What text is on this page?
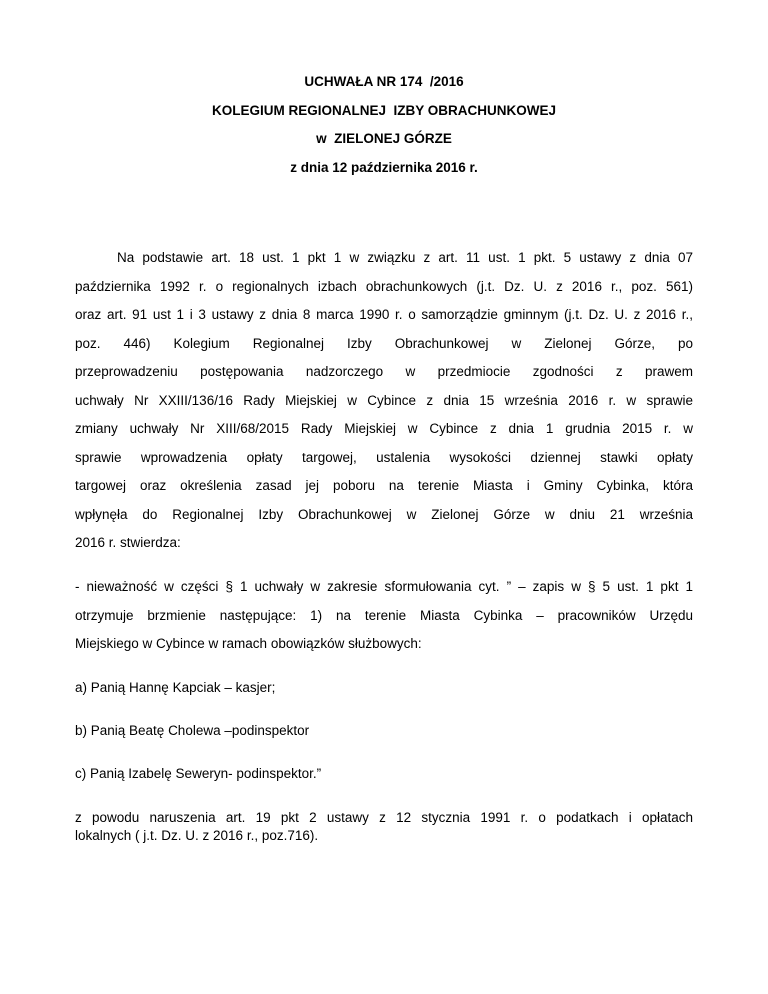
UCHWAŁA NR 174  /2016
KOLEGIUM REGIONALNEJ  IZBY OBRACHUNKOWEJ
w  ZIELONEJ GÓRZE
z dnia 12 października 2016 r.
Na podstawie art. 18 ust. 1 pkt 1 w związku z art. 11 ust. 1 pkt. 5 ustawy z dnia 07
października 1992 r. o regionalnych izbach obrachunkowych (j.t. Dz. U. z 2016 r., poz. 561)
oraz art. 91 ust 1 i 3 ustawy z dnia 8 marca 1990 r. o samorządzie gminnym (j.t. Dz. U. z 2016 r.,
poz. 446) Kolegium Regionalnej Izby Obrachunkowej w Zielonej Górze, po
przeprowadzeniu postępowania nadzorczego w przedmiocie zgodności z prawem
uchwały Nr XXIII/136/16 Rady Miejskiej w Cybince z dnia 15 września 2016 r. w sprawie
zmiany uchwały Nr XIII/68/2015 Rady Miejskiej w Cybince z dnia 1 grudnia 2015 r. w
sprawie wprowadzenia opłaty targowej, ustalenia wysokości dziennej stawki opłaty
targowej oraz określenia zasad jej poboru na terenie Miasta i Gminy Cybinka, która
wpłynęła do Regionalnej Izby Obrachunkowej w Zielonej Górze w dniu 21 września
2016 r. stwierdza:
- nieważność w części § 1 uchwały w zakresie sformułowania cyt. ” – zapis w § 5 ust. 1 pkt 1
otrzymuje brzmienie następujące: 1) na terenie Miasta Cybinka – pracowników Urzędu
Miejskiego w Cybince w ramach obowiązków służbowych:
a) Panią Hannę Kapciak – kasjer;
b) Panią Beatę Cholewa –podinspektor
c) Panią Izabelę Seweryn- podinspektor.”
z powodu naruszenia art. 19 pkt 2 ustawy z 12 stycznia 1991 r. o podatkach i opłatach
lokalnych ( j.t. Dz. U. z 2016 r., poz.716).
